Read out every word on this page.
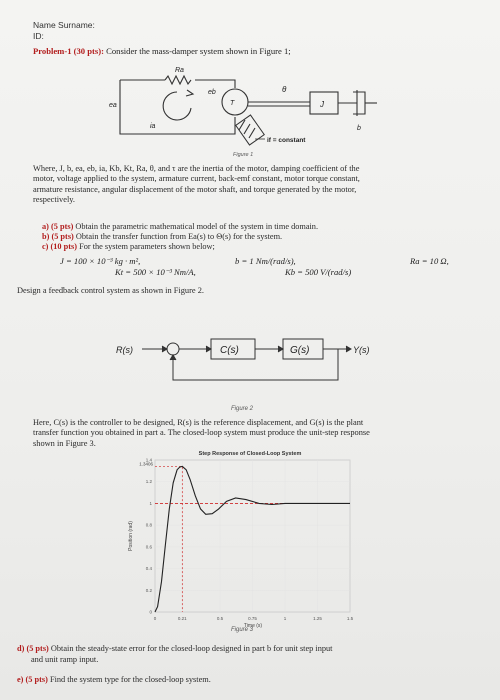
Name Surname:
ID:
Problem-1 (30 pts): Consider the mass-damper system shown in Figure 1;
Ra
ea
eb
ia
T
θ
J
b
if = constant
Figure 1
Where, J, b, ea, eb, ia, Kb, Kt, Ra, θ, and τ are the inertia of the motor, damping coefficient of the
motor, voltage applied to the system, armature current, back-emf constant, motor torque constant,
armature resistance, angular displacement of the motor shaft, and torque generated by the motor,
respectively.
a) (5 pts) Obtain the parametric mathematical model of the system in time domain.
b) (5 pts) Obtain the transfer function from Ea(s) to Θ(s) for the system.
c) (10 pts) For the system parameters shown below;
J = 100 × 10⁻³ kg · m²,	b = 1 Nm/(rad/s),	Ra = 10 Ω,
Kt = 500 × 10⁻³ Nm/A,	Kb = 500 V/(rad/s)
Design a feedback control system as shown in Figure 2.
R(s)	C(s)	G(s)	Y(s)
Figure 2
Here, C(s) is the controller to be designed, R(s) is the reference displacement, and G(s) is the plant
transfer function you obtained in part a. The closed-loop system must produce the unit-step response
shown in Figure 3.
Step Response of Closed-Loop System
0	0.21	0.5	0.75	1	1.25	1.5
0
0.2
0.4
0.6
0.8
1
1.2
1.4
1.3406
Time (s)
Position (rad)
Figure 3
d) (5 pts) Obtain the steady-state error for the closed-loop designed in part b for unit step input
and unit ramp input.
e) (5 pts) Find the system type for the closed-loop system.
